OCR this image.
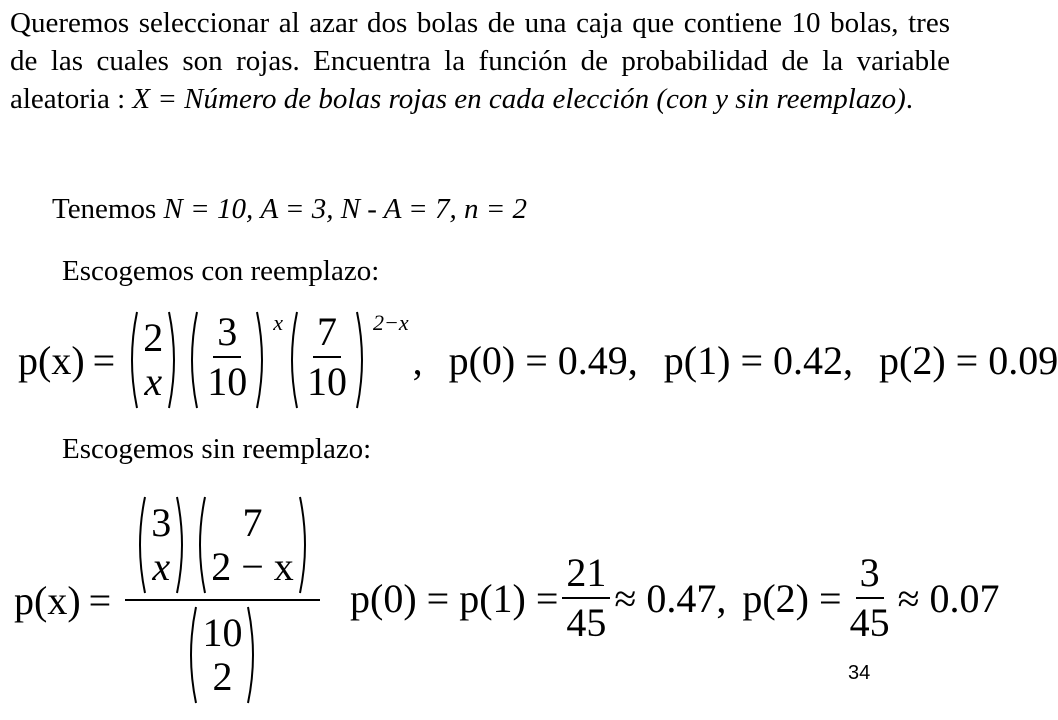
Queremos seleccionar al azar dos bolas de una caja que contiene 10 bolas, tres de las cuales son rojas. Encuentra la función de probabilidad de la variable aleatoria : X = Número de bolas rojas en cada elección (con y sin reemplazo).
Tenemos N = 10, A = 3, N - A = 7, n = 2
Escogemos con reemplazo:
p(x) = 2
x $\frac{3}{10}$ x $\frac{7}{10} 2-x$
, p(0) = 0.49, p(1) = 0.42, p(2) = 0.09
Escogemos sin reemplazo:
p(x) =
3
x
7
2 − x
10
2
$p(0) = p(1) = \frac{21}{45} \approx 0.47$, $p(2) = \frac{3}{45} \approx 0.07$
34
